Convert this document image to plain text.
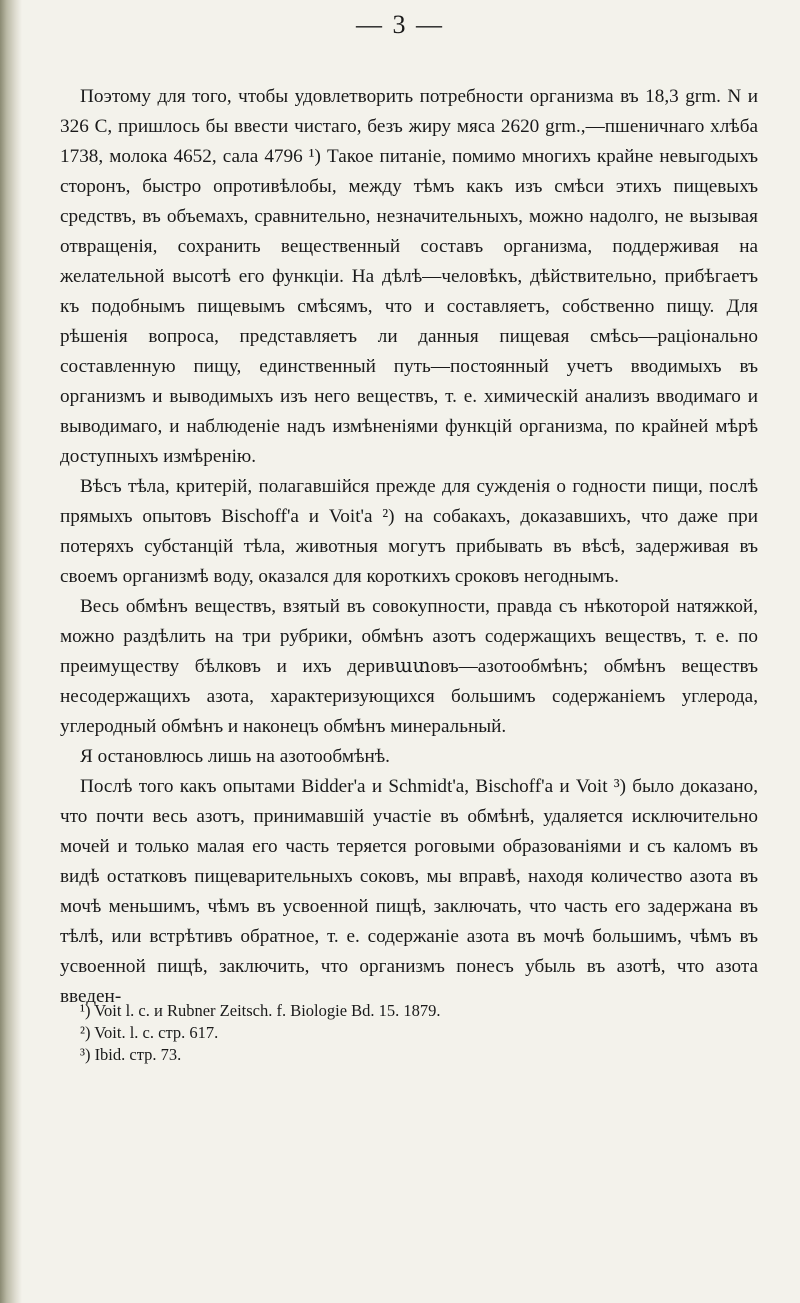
— 3 —

Поэтому для того, чтобы удовлетворить потребности организма въ 18,3 grm. N и 326 C, пришлось бы ввести чистаго, безъ жиру мяса 2620 grm.,—пшеничнаго хлѣба 1738, молока 4652, сала 4796 ¹) Такое питаніе, помимо многихъ крайне невыгодыхъ сторонъ, быстро опротивѣлобы, между тѣмъ какъ изъ смѣси этихъ пищевыхъ средствъ, въ объемахъ, сравнительно, незначительныхъ, можно надолго, не вызывая отвращенія, сохранить вещественный составъ организма, поддерживая на желательной высотѣ его функціи. На дѣлѣ—человѣкъ, дѣйствительно, прибѣгаетъ къ подобнымъ пищевымъ смѣсямъ, что и составляетъ, собственно пищу. Для рѣшенія вопроса, представляетъ ли данныя пищевая смѣсь—раціонально составленную пищу, единственный путь—постоянный учетъ вводимыхъ въ организмъ и выводимыхъ изъ него веществъ, т. е. химическій анализъ вводимаго и выводимаго, и наблюденіе надъ измѣненіями функцій организма, по крайней мѣрѣ доступныхъ измѣренію.

Вѣсъ тѣла, критерій, полагавшійся прежде для сужденія о годности пищи, послѣ прямыхъ опытовъ Bischoff'а и Voit'а ²) на собакахъ, доказавшихъ, что даже при потеряхъ субстанцій тѣла, животныя могутъ прибывать въ вѣсѣ, задерживая въ своемъ организмѣ воду, оказался для короткихъ сроковъ негоднымъ.

Весь обмѣнъ веществъ, взятый въ совокупности, правда съ нѣкоторой натяжкой, можно раздѣлить на три рубрики, обмѣнъ азотъ содержащихъ веществъ, т. е. по преимуществу бѣлковъ и ихъ деривատовъ—азотообмѣнъ; обмѣнъ веществъ несодержащихъ азота, характеризующихся большимъ содержаніемъ углерода, углеродный обмѣнъ и наконецъ обмѣнъ минеральный.

Я остановлюсь лишь на азотообмѣнѣ.

Послѣ того какъ опытами Bidder'а и Schmidt'а, Bischoff'а и Voit ³) было доказано, что почти весь азотъ, принимавшій участіе въ обмѣнѣ, удаляется исключительно мочей и только малая его часть теряется роговыми образованіями и съ каломъ въ видѣ остатковъ пищеварительныхъ соковъ, мы вправѣ, находя количество азота въ мочѣ меньшимъ, чѣмъ въ усвоенной пищѣ, заключать, что часть его задержана въ тѣлѣ, или встрѣтивъ обратное, т. е. содержаніе азота въ мочѣ большимъ, чѣмъ въ усвоенной пищѣ, заключить, что организмъ понесъ убыль въ азотѣ, что азота введен-

¹) Voit l. c. и Rubner Zeitsch. f. Biologie Bd. 15. 1879.
²) Voit. l. c. стр. 617.
³) Ibid. стр. 73.
